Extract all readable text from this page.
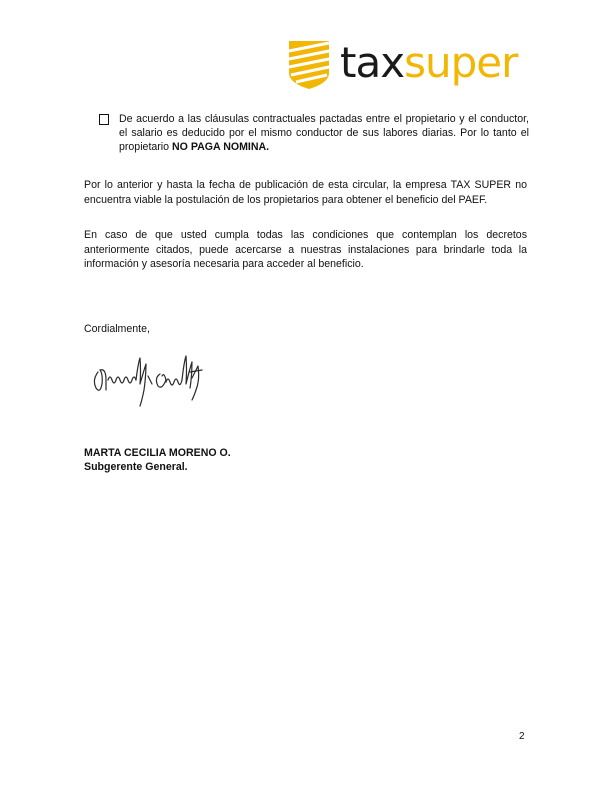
taxsuper
De acuerdo a las cláusulas contractuales pactadas entre el propietario y el conductor, el salario es deducido por el mismo conductor de sus labores diarias. Por lo tanto el propietario NO PAGA NOMINA.
Por lo anterior y hasta la fecha de publicación de esta circular, la empresa TAX SUPER no encuentra viable la postulación de los propietarios para obtener el beneficio del PAEF.
En caso de que usted cumpla todas las condiciones que contemplan los decretos anteriormente citados, puede acercarse a nuestras instalaciones para brindarle toda la información y asesoría necesaria para acceder al beneficio.
Cordialmente,
MARTA CECILIA MORENO O.
Subgerente General.
2
